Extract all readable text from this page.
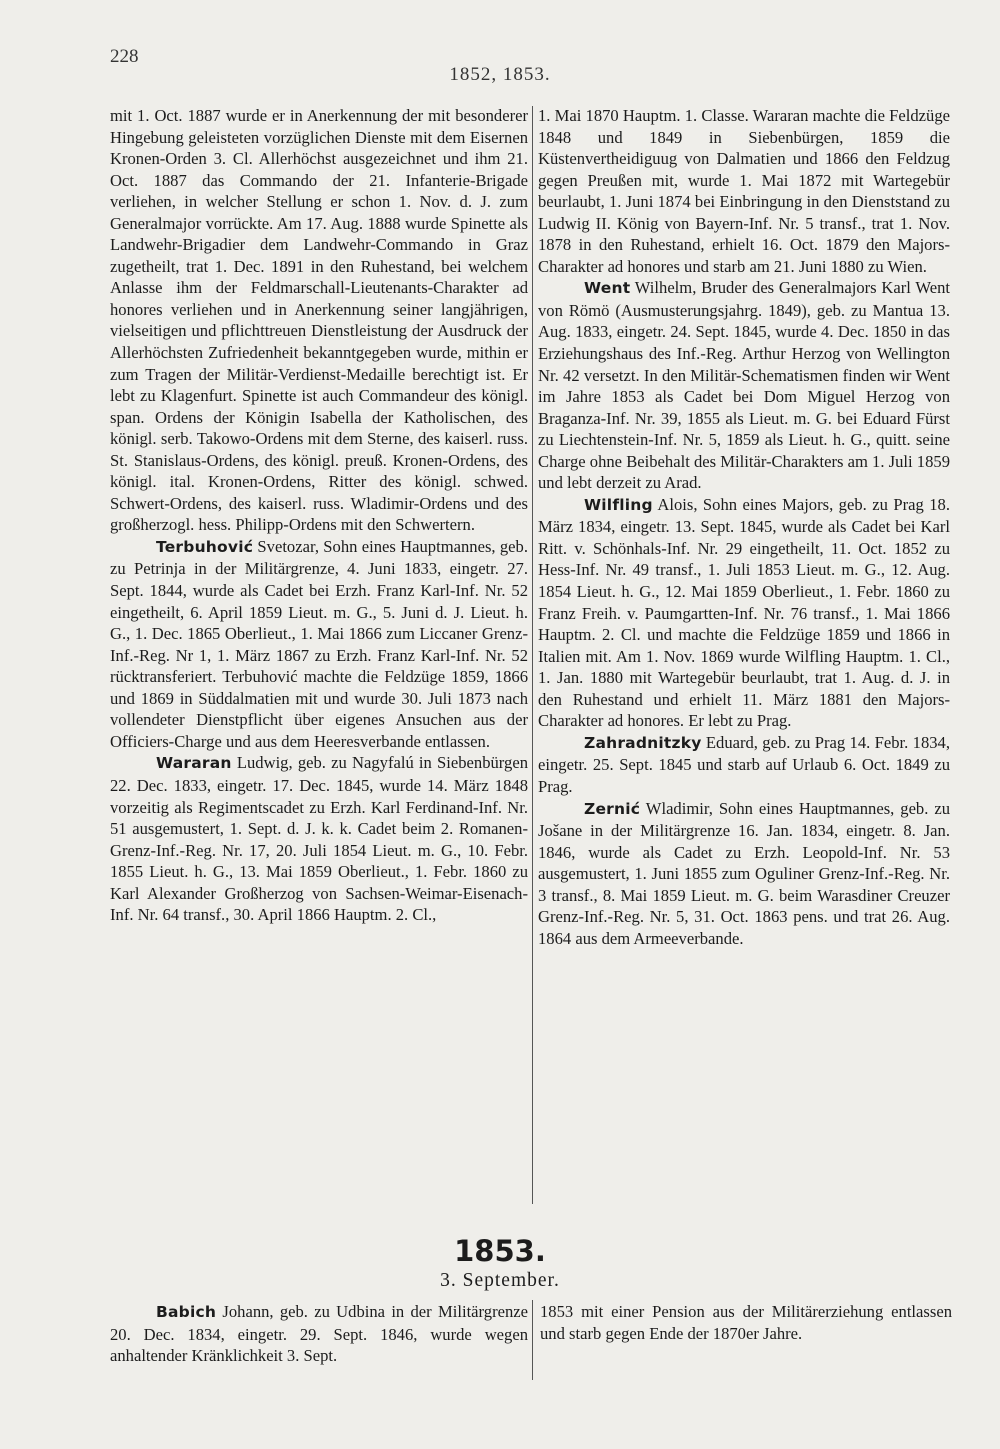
228
1852, 1853.

mit 1. Oct. 1887 wurde er in Anerkennung der mit besonderer Hingebung geleisteten vorzüglichen Dienste mit dem Eisernen Kronen-Orden 3. Cl. Allerhöchst ausgezeichnet und ihm 21. Oct. 1887 das Commando der 21. Infanterie-Brigade verliehen, in welcher Stellung er schon 1. Nov. d. J. zum Generalmajor vorrückte. Am 17. Aug. 1888 wurde Spinette als Landwehr-Brigadier dem Landwehr-Commando in Graz zugetheilt, trat 1. Dec. 1891 in den Ruhestand, bei welchem Anlasse ihm der Feldmarschall-Lieutenants-Charakter ad honores verliehen und in Anerkennung seiner langjährigen, vielseitigen und pflichttreuen Dienstleistung der Ausdruck der Allerhöchsten Zufriedenheit bekanntgegeben wurde, mithin er zum Tragen der Militär-Verdienst-Medaille berechtigt ist. Er lebt zu Klagenfurt. Spinette ist auch Commandeur des königl. span. Ordens der Königin Isabella der Katholischen, des königl. serb. Takowo-Ordens mit dem Sterne, des kaiserl. russ. St. Stanislaus-Ordens, des königl. preuß. Kronen-Ordens, des königl. ital. Kronen-Ordens, Ritter des königl. schwed. Schwert-Ordens, des kaiserl. russ. Wladimir-Ordens und des großherzogl. hess. Philipp-Ordens mit den Schwertern.

Terbuhović Svetozar, Sohn eines Hauptmannes, geb. zu Petrinja in der Militärgrenze, 4. Juni 1833, eingetr. 27. Sept. 1844, wurde als Cadet bei Erzh. Franz Karl-Inf. Nr. 52 eingetheilt, 6. April 1859 Lieut. m. G., 5. Juni d. J. Lieut. h. G., 1. Dec. 1865 Oberlieut., 1. Mai 1866 zum Liccaner Grenz-Inf.-Reg. Nr 1, 1. März 1867 zu Erzh. Franz Karl-Inf. Nr. 52 rücktransferiert. Terbuhović machte die Feldzüge 1859, 1866 und 1869 in Süddalmatien mit und wurde 30. Juli 1873 nach vollendeter Dienstpflicht über eigenes Ansuchen aus der Officiers-Charge und aus dem Heeresverbande entlassen.

Wararan Ludwig, geb. zu Nagyfalú in Siebenbürgen 22. Dec. 1833, eingetr. 17. Dec. 1845, wurde 14. März 1848 vorzeitig als Regimentscadet zu Erzh. Karl Ferdinand-Inf. Nr. 51 ausgemustert, 1. Sept. d. J. k. k. Cadet beim 2. Romanen-Grenz-Inf.-Reg. Nr. 17, 20. Juli 1854 Lieut. m. G., 10. Febr. 1855 Lieut. h. G., 13. Mai 1859 Oberlieut., 1. Febr. 1860 zu Karl Alexander Großherzog von Sachsen-Weimar-Eisenach-Inf. Nr. 64 transf., 30. April 1866 Hauptm. 2. Cl.,

1. Mai 1870 Hauptm. 1. Classe. Wararan machte die Feldzüge 1848 und 1849 in Siebenbürgen, 1859 die Küstenvertheidiguug von Dalmatien und 1866 den Feldzug gegen Preußen mit, wurde 1. Mai 1872 mit Wartegebür beurlaubt, 1. Juni 1874 bei Einbringung in den Dienststand zu Ludwig II. König von Bayern-Inf. Nr. 5 transf., trat 1. Nov. 1878 in den Ruhestand, erhielt 16. Oct. 1879 den Majors-Charakter ad honores und starb am 21. Juni 1880 zu Wien.

Went Wilhelm, Bruder des Generalmajors Karl Went von Römö (Ausmusterungsjahrg. 1849), geb. zu Mantua 13. Aug. 1833, eingetr. 24. Sept. 1845, wurde 4. Dec. 1850 in das Erziehungshaus des Inf.-Reg. Arthur Herzog von Wellington Nr. 42 versetzt. In den Militär-Schematismen finden wir Went im Jahre 1853 als Cadet bei Dom Miguel Herzog von Braganza-Inf. Nr. 39, 1855 als Lieut. m. G. bei Eduard Fürst zu Liechtenstein-Inf. Nr. 5, 1859 als Lieut. h. G., quitt. seine Charge ohne Beibehalt des Militär-Charakters am 1. Juli 1859 und lebt derzeit zu Arad.

Wilfling Alois, Sohn eines Majors, geb. zu Prag 18. März 1834, eingetr. 13. Sept. 1845, wurde als Cadet bei Karl Ritt. v. Schönhals-Inf. Nr. 29 eingetheilt, 11. Oct. 1852 zu Hess-Inf. Nr. 49 transf., 1. Juli 1853 Lieut. m. G., 12. Aug. 1854 Lieut. h. G., 12. Mai 1859 Oberlieut., 1. Febr. 1860 zu Franz Freih. v. Paumgartten-Inf. Nr. 76 transf., 1. Mai 1866 Hauptm. 2. Cl. und machte die Feldzüge 1859 und 1866 in Italien mit. Am 1. Nov. 1869 wurde Wilfling Hauptm. 1. Cl., 1. Jan. 1880 mit Wartegebür beurlaubt, trat 1. Aug. d. J. in den Ruhestand und erhielt 11. März 1881 den Majors-Charakter ad honores. Er lebt zu Prag.

Zahradnitzky Eduard, geb. zu Prag 14. Febr. 1834, eingetr. 25. Sept. 1845 und starb auf Urlaub 6. Oct. 1849 zu Prag.

Zernić Wladimir, Sohn eines Hauptmannes, geb. zu Jošane in der Militärgrenze 16. Jan. 1834, eingetr. 8. Jan. 1846, wurde als Cadet zu Erzh. Leopold-Inf. Nr. 53 ausgemustert, 1. Juni 1855 zum Oguliner Grenz-Inf.-Reg. Nr. 3 transf., 8. Mai 1859 Lieut. m. G. beim Warasdiner Creuzer Grenz-Inf.-Reg. Nr. 5, 31. Oct. 1863 pens. und trat 26. Aug. 1864 aus dem Armeeverbande.

1853.
3. September.

Babich Johann, geb. zu Udbina in der Militärgrenze 20. Dec. 1834, eingetr. 29. Sept. 1846, wurde wegen anhaltender Kränklichkeit 3. Sept.

1853 mit einer Pension aus der Militärerziehung entlassen und starb gegen Ende der 1870er Jahre.
